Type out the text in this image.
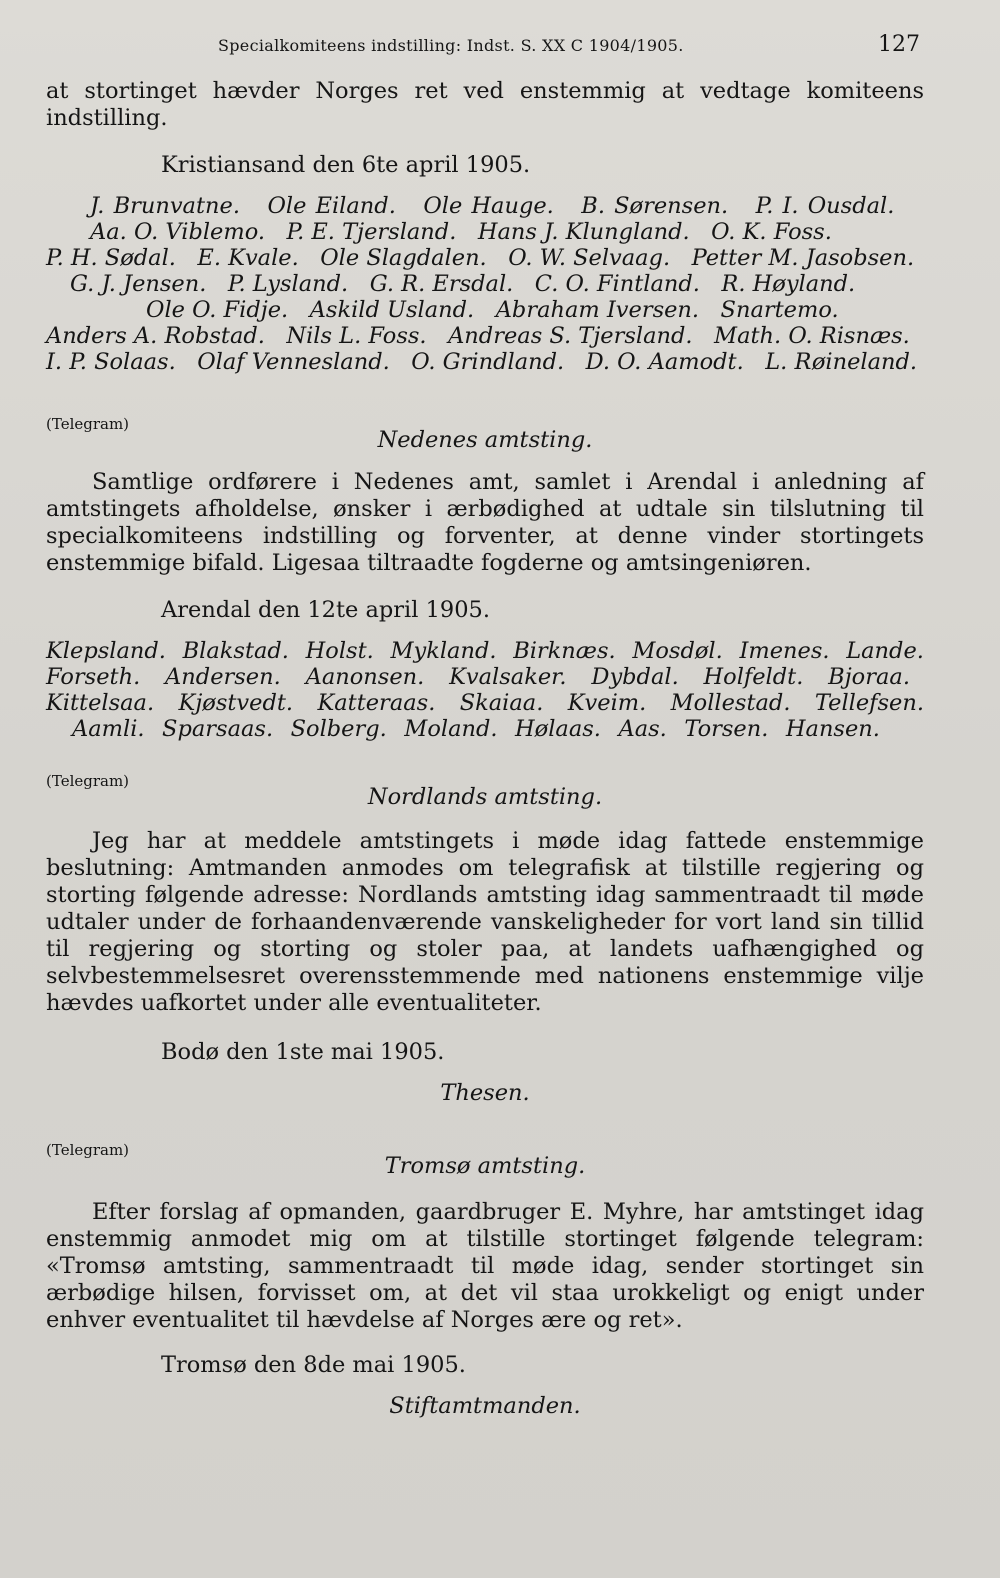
Specialkomiteens indstilling: Indst. S. XX C 1904/1905.	127

at stortinget hævder Norges ret ved enstemmig at vedtage komiteens indstilling.

Kristiansand den 6te april 1905.

J. Brunvatne. Ole Eiland. Ole Hauge. B. Sørensen. P. I. Ousdal.
Aa. O. Viblemo. P. E. Tjersland. Hans J. Klungland. O. K. Foss.
P. H. Sødal. E. Kvale. Ole Slagdalen. O. W. Selvaag. Petter M. Jasobsen.
G. J. Jensen. P. Lysland. G. R. Ersdal. C. O. Fintland. R. Høyland.
Ole O. Fidje. Askild Usland. Abraham Iversen. Snartemo.
Anders A. Robstad. Nils L. Foss. Andreas S. Tjersland. Math. O. Risnæs.
I. P. Solaas. Olaf Vennesland. O. Grindland. D. O. Aamodt. L. Røineland.
(Telegram)
Nedenes amtsting.

Samtlige ordførere i Nedenes amt, samlet i Arendal i anledning af amtstingets afholdelse, ønsker i ærbødighed at udtale sin tilslutning til specialkomiteens indstilling og forventer, at denne vinder stortingets enstemmige bifald. Ligesaa tiltraadte fogderne og amtsingeniøren.

Arendal den 12te april 1905.

Klepsland. Blakstad. Holst. Mykland. Birknæs. Mosdøl. Imenes. Lande.
Forseth. Andersen. Aanonsen. Kvalsaker. Dybdal. Holfeldt. Bjoraa.
Kittelsaa. Kjøstvedt. Katteraas. Skaiaa. Kveim. Mollestad. Tellefsen.
Aamli. Sparsaas. Solberg. Moland. Hølaas. Aas. Torsen. Hansen.
(Telegram)
Nordlands amtsting.

Jeg har at meddele amtstingets i møde idag fattede enstemmige beslutning: Amtmanden anmodes om telegrafisk at tilstille regjering og storting følgende adresse: Nordlands amtsting idag sammentraadt til møde udtaler under de forhaandenværende vanskeligheder for vort land sin tillid til regjering og storting og stoler paa, at landets uafhængighed og selvbestemmelsesret overensstemmende med nationens enstemmige vilje hævdes uafkortet under alle eventualiteter.

Bodø den 1ste mai 1905.

Thesen.

(Telegram)
Tromsø amtsting.

Efter forslag af opmanden, gaardbruger E. Myhre, har amtstinget idag enstemmig anmodet mig om at tilstille stortinget følgende telegram: «Tromsø amtsting, sammentraadt til møde idag, sender stortinget sin ærbødige hilsen, forvisset om, at det vil staa urokkeligt og enigt under enhver eventualitet til hævdelse af Norges ære og ret».

Tromsø den 8de mai 1905.

Stiftamtmanden.
